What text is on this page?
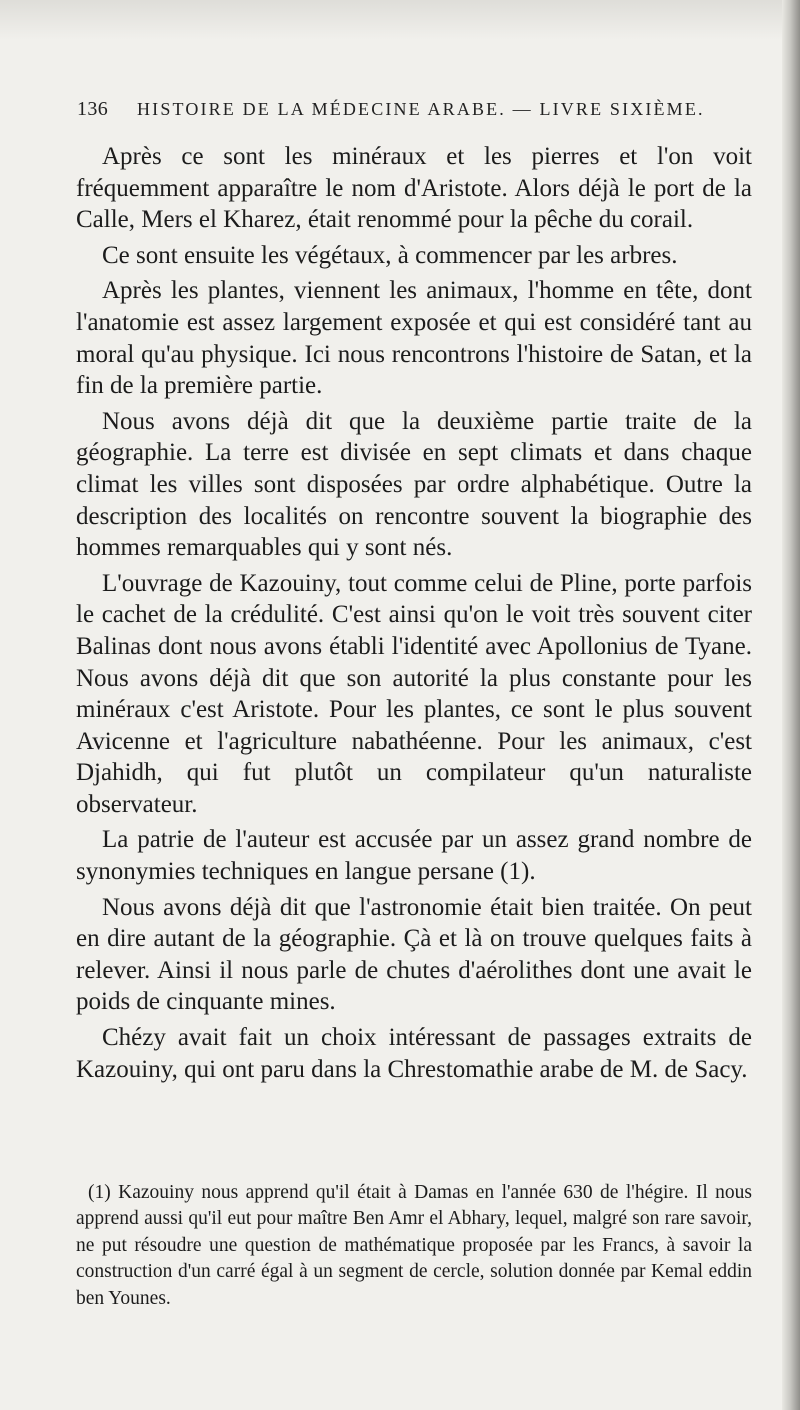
136 HISTOIRE DE LA MÉDECINE ARABE. — LIVRE SIXIÈME.

Après ce sont les minéraux et les pierres et l'on voit fréquemment apparaître le nom d'Aristote. Alors déjà le port de la Calle, Mers el Kharez, était renommé pour la pêche du corail.

Ce sont ensuite les végétaux, à commencer par les arbres.

Après les plantes, viennent les animaux, l'homme en tête, dont l'anatomie est assez largement exposée et qui est considéré tant au moral qu'au physique. Ici nous rencontrons l'histoire de Satan, et la fin de la première partie.

Nous avons déjà dit que la deuxième partie traite de la géographie. La terre est divisée en sept climats et dans chaque climat les villes sont disposées par ordre alphabétique. Outre la description des localités on rencontre souvent la biographie des hommes remarquables qui y sont nés.

L'ouvrage de Kazouiny, tout comme celui de Pline, porte parfois le cachet de la crédulité. C'est ainsi qu'on le voit très souvent citer Balinas dont nous avons établi l'identité avec Apollonius de Tyane. Nous avons déjà dit que son autorité la plus constante pour les minéraux c'est Aristote. Pour les plantes, ce sont le plus souvent Avicenne et l'agriculture nabathéenne. Pour les animaux, c'est Djahidh, qui fut plutôt un compilateur qu'un naturaliste observateur.

La patrie de l'auteur est accusée par un assez grand nombre de synonymies techniques en langue persane (1).

Nous avons déjà dit que l'astronomie était bien traitée. On peut en dire autant de la géographie. Çà et là on trouve quelques faits à relever. Ainsi il nous parle de chutes d'aérolithes dont une avait le poids de cinquante mines.

Chézy avait fait un choix intéressant de passages extraits de Kazouiny, qui ont paru dans la Chrestomathie arabe de M. de Sacy.

(1) Kazouiny nous apprend qu'il était à Damas en l'année 630 de l'hégire. Il nous apprend aussi qu'il eut pour maître Ben Amr el Abhary, lequel, malgré son rare savoir, ne put résoudre une question de mathématique proposée par les Francs, à savoir la construction d'un carré égal à un segment de cercle, solution donnée par Kemal eddin ben Younes.
